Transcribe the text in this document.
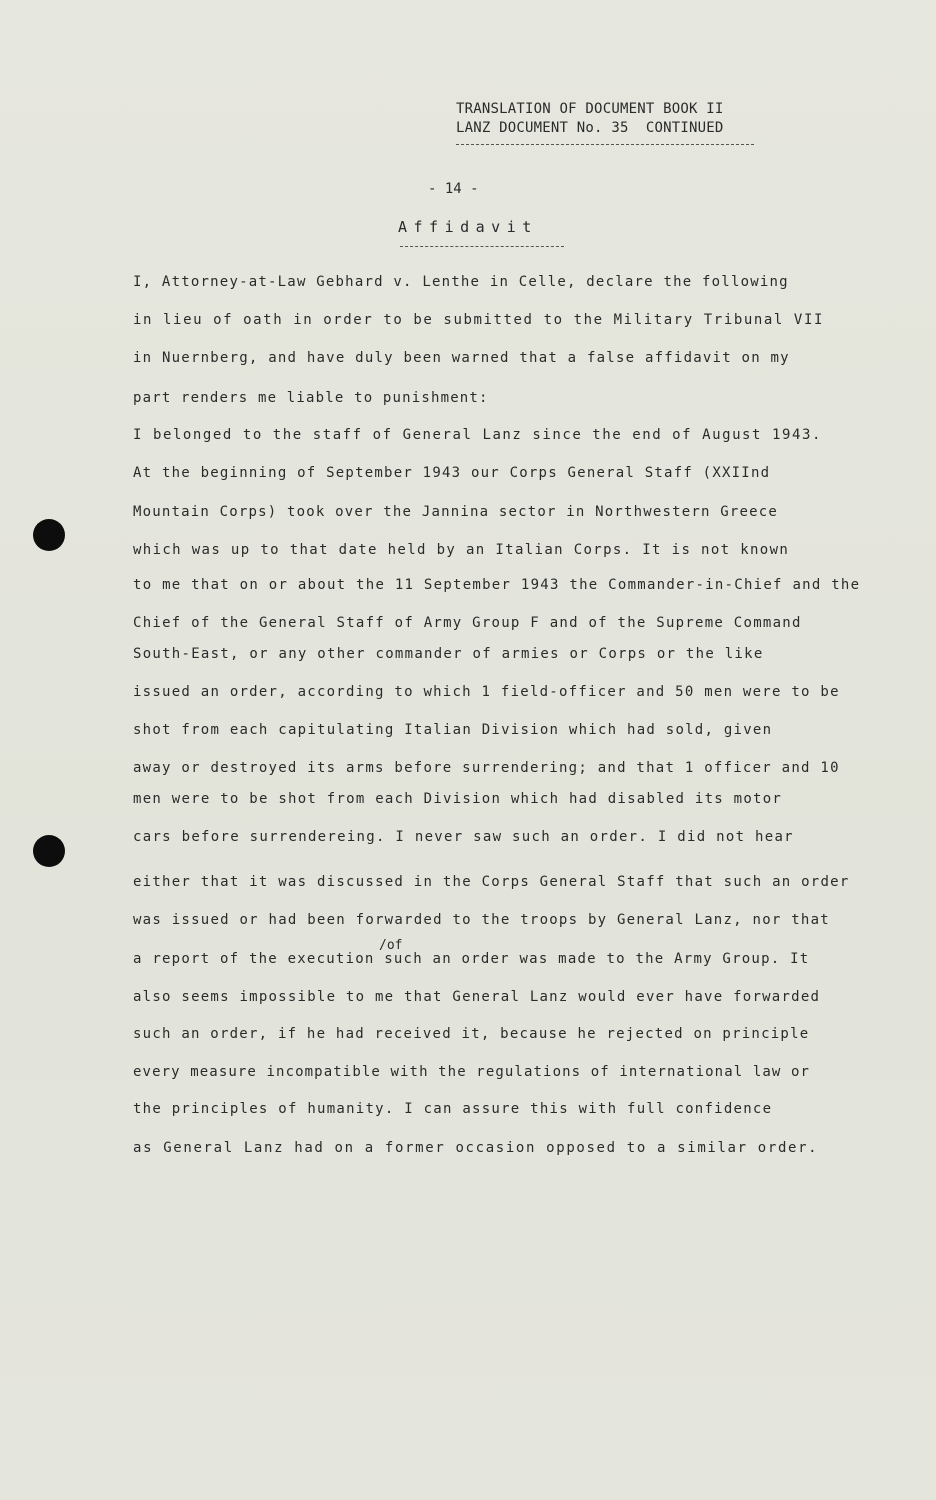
TRANSLATION OF DOCUMENT BOOK II
LANZ DOCUMENT No. 35  CONTINUED
- 14 -
Affidavit
/of
I, Attorney-at-Law Gebhard v. Lenthe in Celle, declare the following
in lieu of oath in order to be submitted to the Military Tribunal VII
in Nuernberg, and have duly been warned that a false affidavit on my
part renders me liable to punishment:
I belonged to the staff of General Lanz since the end of August 1943.
At the beginning of September 1943 our Corps General Staff (XXIInd
Mountain Corps) took over the Jannina sector in Northwestern Greece
which was up to that date held by an Italian Corps. It is not known
to me that on or about the 11 September 1943 the Commander-in-Chief and the
Chief of the General Staff of Army Group F and of the Supreme Command
South-East, or any other commander of armies or Corps or the like
issued an order, according to which 1 field-officer and 50 men were to be
shot from each capitulating Italian Division which had sold, given
away or destroyed its arms before surrendering; and that 1 officer and 10
men were to be shot from each Division which had disabled its motor
cars before surrendereing. I never saw such an order. I did not hear
either that it was discussed in the Corps General Staff that such an order
was issued or had been forwarded to the troops by General Lanz, nor that
a report of the execution such an order was made to the Army Group. It
also seems impossible to me that General Lanz would ever have forwarded
such an order, if he had received it, because he rejected on principle
every measure incompatible with the regulations of international law or
the principles of humanity. I can assure this with full confidence
as General Lanz had on a former occasion opposed to a similar order.
